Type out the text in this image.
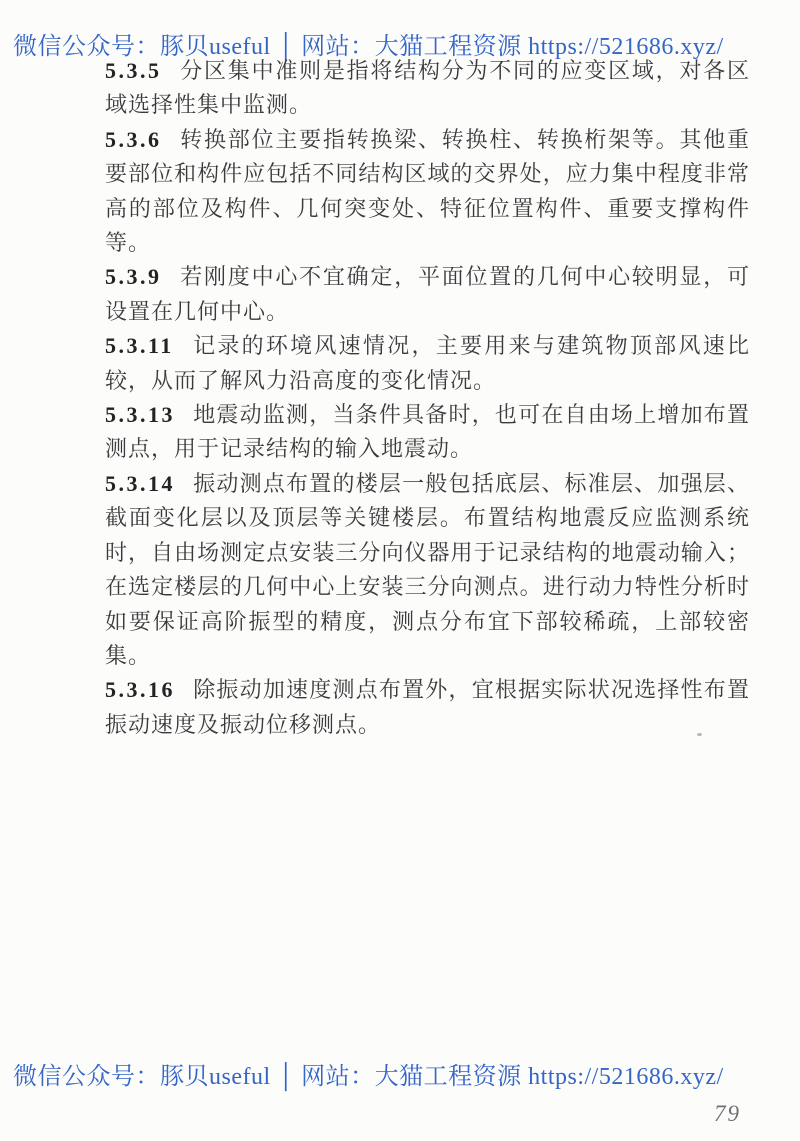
微信公众号：豚贝useful │ 网站：大猫工程资源 https://521686.xyz/

5.3.5 分区集中准则是指将结构分为不同的应变区域，对各区域选择性集中监测。

5.3.6 转换部位主要指转换梁、转换柱、转换桁架等。其他重要部位和构件应包括不同结构区域的交界处，应力集中程度非常高的部位及构件、几何突变处、特征位置构件、重要支撑构件等。

5.3.9 若刚度中心不宜确定，平面位置的几何中心较明显，可设置在几何中心。

5.3.11 记录的环境风速情况，主要用来与建筑物顶部风速比较，从而了解风力沿高度的变化情况。

5.3.13 地震动监测，当条件具备时，也可在自由场上增加布置测点，用于记录结构的输入地震动。

5.3.14 振动测点布置的楼层一般包括底层、标准层、加强层、截面变化层以及顶层等关键楼层。布置结构地震反应监测系统时，自由场测定点安装三分向仪器用于记录结构的地震动输入；在选定楼层的几何中心上安装三分向测点。进行动力特性分析时如要保证高阶振型的精度，测点分布宜下部较稀疏，上部较密集。

5.3.16 除振动加速度测点布置外，宜根据实际状况选择性布置振动速度及振动位移测点。

微信公众号：豚贝useful │ 网站：大猫工程资源 https://521686.xyz/
79
